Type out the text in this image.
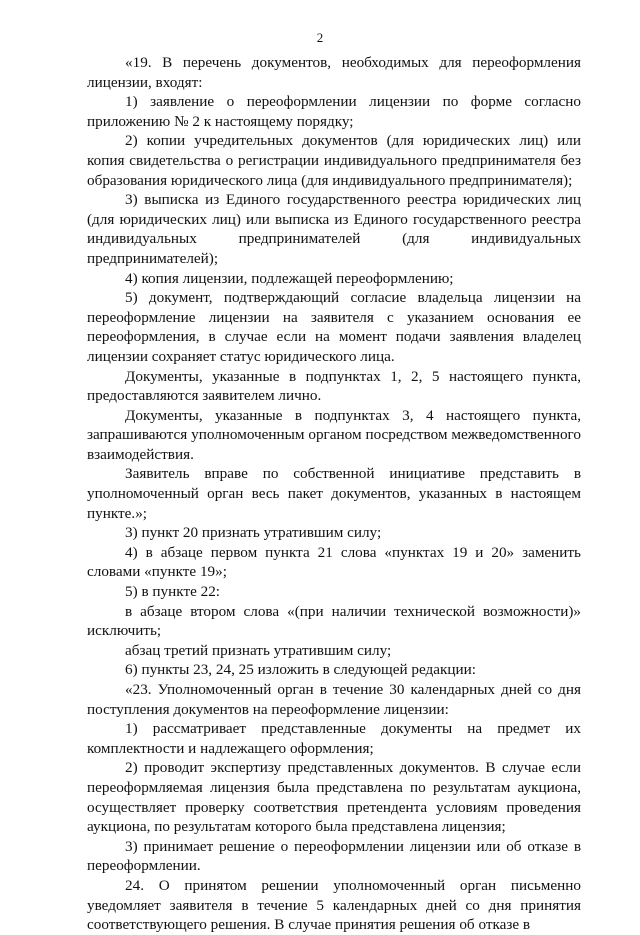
2

«19. В перечень документов, необходимых для переоформления лицензии, входят:

1) заявление о переоформлении лицензии по форме согласно приложению № 2 к настоящему порядку;

2) копии учредительных документов (для юридических лиц) или копия свидетельства о регистрации индивидуального предпринимателя без образования юридического лица (для индивидуального предпринимателя);

3) выписка из Единого государственного реестра юридических лиц (для юридических лиц) или выписка из Единого государственного реестра индивидуальных предпринимателей (для индивидуальных предпринимателей);

4) копия лицензии, подлежащей переоформлению;

5) документ, подтверждающий согласие владельца лицензии на переоформление лицензии на заявителя с указанием основания ее переоформления, в случае если на момент подачи заявления владелец лицензии сохраняет статус юридического лица.

Документы, указанные в подпунктах 1, 2, 5 настоящего пункта, предоставляются заявителем лично.

Документы, указанные в подпунктах 3, 4 настоящего пункта, запрашиваются уполномоченным органом посредством межведомственного взаимодействия.

Заявитель вправе по собственной инициативе представить в уполномоченный орган весь пакет документов, указанных в настоящем пункте.»;

3) пункт 20 признать утратившим силу;

4) в абзаце первом пункта 21 слова «пунктах 19 и 20» заменить словами «пункте 19»;

5) в пункте 22:

в абзаце втором слова «(при наличии технической возможности)» исключить;

абзац третий признать утратившим силу;

6) пункты 23, 24, 25 изложить в следующей редакции:

«23. Уполномоченный орган в течение 30 календарных дней со дня поступления документов на переоформление лицензии:

1) рассматривает представленные документы на предмет их комплектности и надлежащего оформления;

2) проводит экспертизу представленных документов. В случае если переоформляемая лицензия была представлена по результатам аукциона, осуществляет проверку соответствия претендента условиям проведения аукциона, по результатам которого была представлена лицензия;

3) принимает решение о переоформлении лицензии или об отказе в переоформлении.

24. О принятом решении уполномоченный орган письменно уведомляет заявителя в течение 5 календарных дней со дня принятия соответствующего решения. В случае принятия решения об отказе в
